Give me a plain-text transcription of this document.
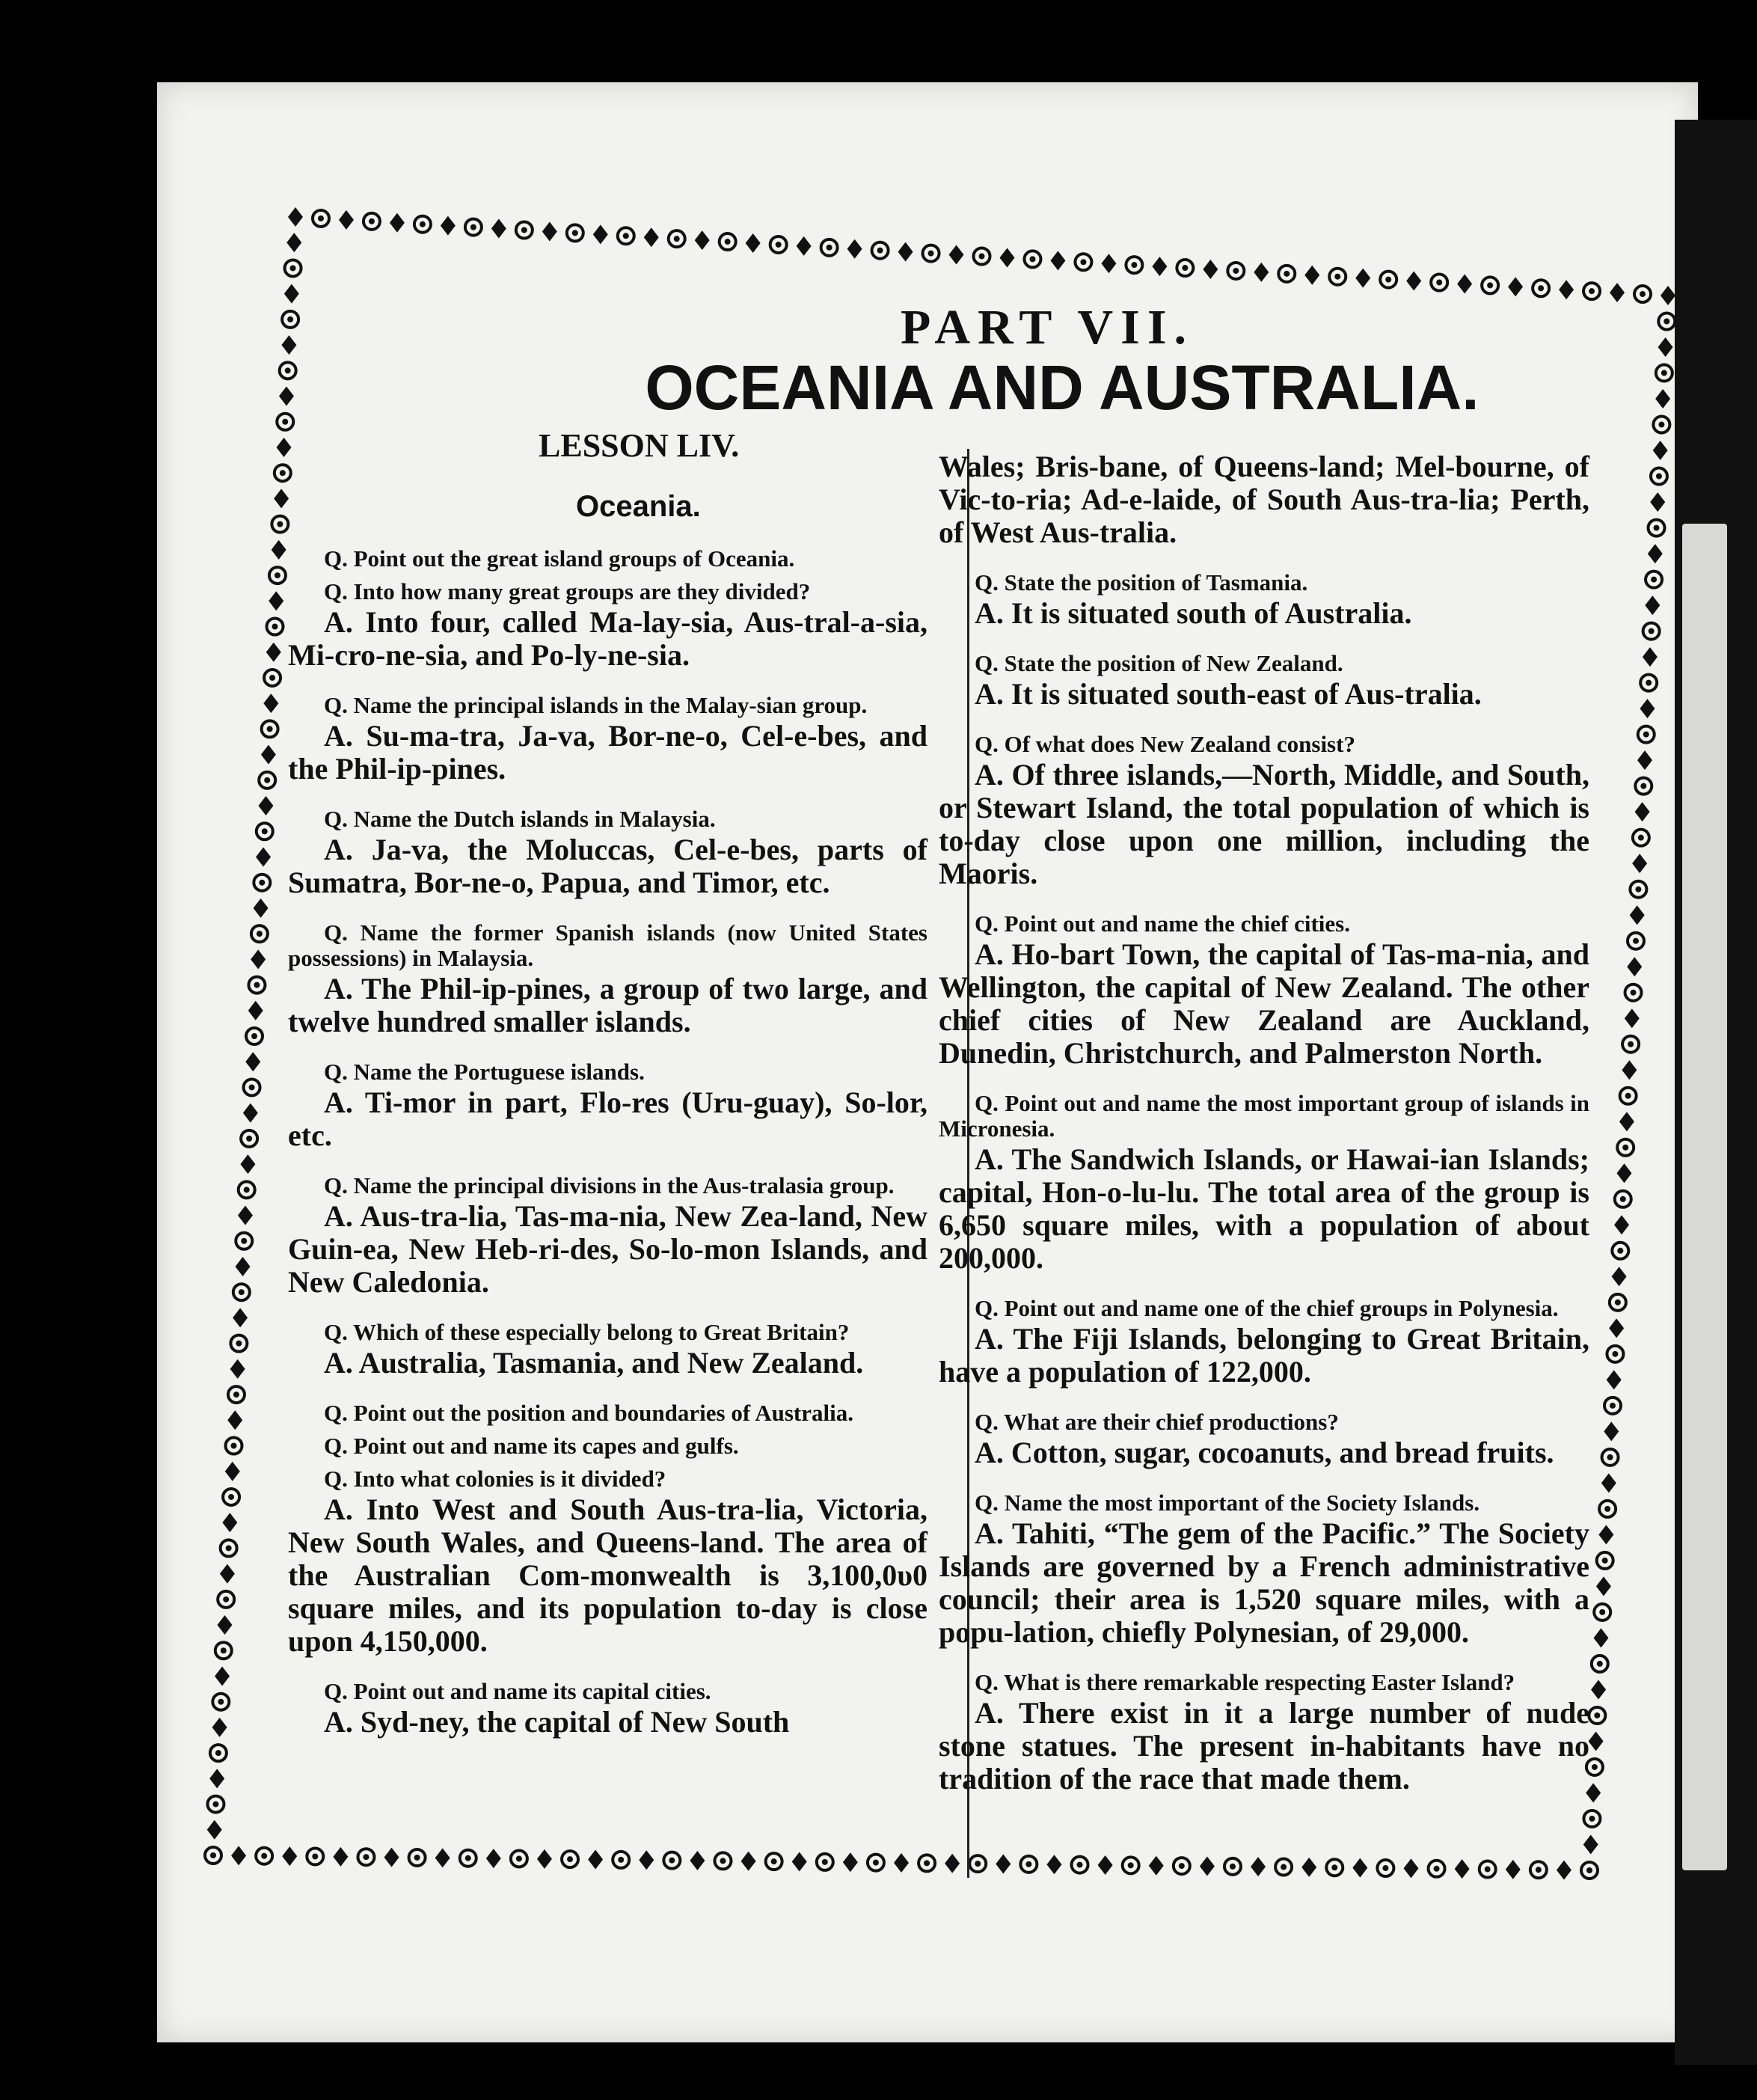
PART VII.
OCEANIA AND AUSTRALIA.
LESSON LIV.
Oceania.

Q. Point out the great island groups of Oceania.

Q. Into how many great groups are they divided?

A. Into four, called Ma-lay-sia, Aus-tral-a-sia, Mi-cro-ne-sia, and Po-ly-ne-sia.

Q. Name the principal islands in the Malay-sian group.

A. Su-ma-tra, Ja-va, Bor-ne-o, Cel-e-bes, and the Phil-ip-pines.

Q. Name the Dutch islands in Malaysia.

A. Ja-va, the Moluccas, Cel-e-bes, parts of Sumatra, Bor-ne-o, Papua, and Timor, etc.

Q. Name the former Spanish islands (now United States possessions) in Malaysia.

A. The Phil-ip-pines, a group of two large, and twelve hundred smaller islands.

Q. Name the Portuguese islands.

A. Ti-mor in part, Flo-res (Uru-guay), So-lor, etc.

Q. Name the principal divisions in the Aus-tralasia group.

A. Aus-tra-lia, Tas-ma-nia, New Zea-land, New Guin-ea, New Heb-ri-des, So-lo-mon Islands, and New Caledonia.

Q. Which of these especially belong to Great Britain?

A. Australia, Tasmania, and New Zealand.

Q. Point out the position and boundaries of Australia.

Q. Point out and name its capes and gulfs.

Q. Into what colonies is it divided?

A. Into West and South Aus-tra-lia, Victoria, New South Wales, and Queens-land. The area of the Australian Com-monwealth is 3,100,0υ0 square miles, and its population to-day is close upon 4,150,000.

Q. Point out and name its capital cities.

A. Syd-ney, the capital of New South

Wales; Bris-bane, of Queens-land; Mel-bourne, of Vic-to-ria; Ad-e-laide, of South Aus-tra-lia; Perth, of West Aus-tralia.

Q. State the position of Tasmania.

A. It is situated south of Australia.

Q. State the position of New Zealand.

A. It is situated south-east of Aus-tralia.

Q. Of what does New Zealand consist?

A. Of three islands,—North, Middle, and South, or Stewart Island, the total population of which is to-day close upon one million, including the Maoris.

Q. Point out and name the chief cities.

A. Ho-bart Town, the capital of Tas-ma-nia, and Wellington, the capital of New Zealand. The other chief cities of New Zealand are Auckland, Dunedin, Christchurch, and Palmerston North.

Q. Point out and name the most important group of islands in Micronesia.

A. The Sandwich Islands, or Hawai-ian Islands; capital, Hon-o-lu-lu. The total area of the group is 6,650 square miles, with a population of about 200,000.

Q. Point out and name one of the chief groups in Polynesia.

A. The Fiji Islands, belonging to Great Britain, have a population of 122,000.

Q. What are their chief productions?

A. Cotton, sugar, cocoanuts, and bread fruits.

Q. Name the most important of the Society Islands.

A. Tahiti, “The gem of the Pacific.” The Society Islands are governed by a French administrative council; their area is 1,520 square miles, with a popu-lation, chiefly Polynesian, of 29,000.

Q. What is there remarkable respecting Easter Island?

A. There exist in it a large number of nude stone statues. The present in-habitants have no tradition of the race that made them.
